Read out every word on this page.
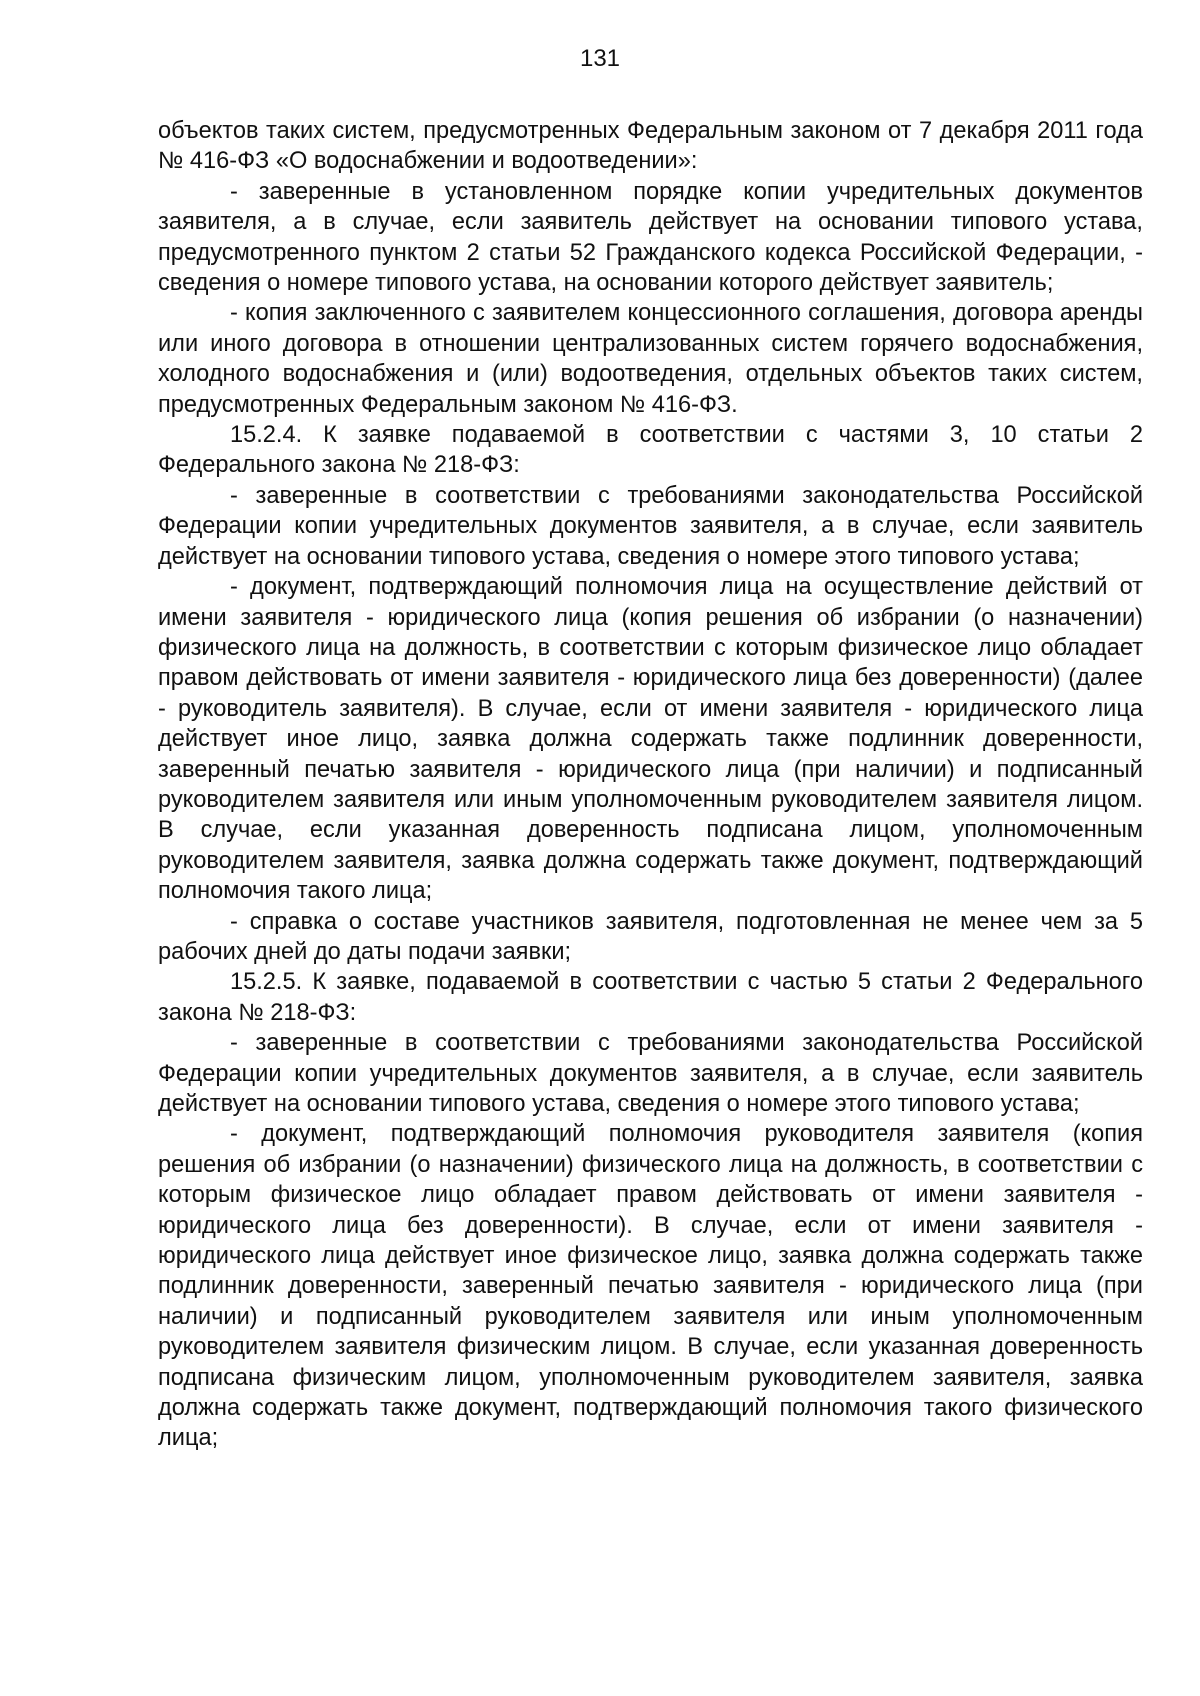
131

объектов таких систем, предусмотренных Федеральным законом от 7 декабря 2011 года № 416-ФЗ «О водоснабжении и водоотведении»:

- заверенные в установленном порядке копии учредительных документов заявителя, а в случае, если заявитель действует на основании типового устава, предусмотренного пунктом 2 статьи 52 Гражданского кодекса Российской Федерации, - сведения о номере типового устава, на основании которого действует заявитель;

- копия заключенного с заявителем концессионного соглашения, договора аренды или иного договора в отношении централизованных систем горячего водоснабжения, холодного водоснабжения и (или) водоотведения, отдельных объектов таких систем, предусмотренных Федеральным законом № 416-ФЗ.

15.2.4. К заявке подаваемой в соответствии с частями 3, 10 статьи 2 Федерального закона № 218-ФЗ:

- заверенные в соответствии с требованиями законодательства Российской Федерации копии учредительных документов заявителя, а в случае, если заявитель действует на основании типового устава, сведения о номере этого типового устава;

- документ, подтверждающий полномочия лица на осуществление действий от имени заявителя - юридического лица (копия решения об избрании (о назначении) физического лица на должность, в соответствии с которым физическое лицо обладает правом действовать от имени заявителя - юридического лица без доверенности) (далее - руководитель заявителя). В случае, если от имени заявителя - юридического лица действует иное лицо, заявка должна содержать также подлинник доверенности, заверенный печатью заявителя - юридического лица (при наличии) и подписанный руководителем заявителя или иным уполномоченным руководителем заявителя лицом. В случае, если указанная доверенность подписана лицом, уполномоченным руководителем заявителя, заявка должна содержать также документ, подтверждающий полномочия такого лица;

- справка о составе участников заявителя, подготовленная не менее чем за 5 рабочих дней до даты подачи заявки;

15.2.5. К заявке, подаваемой в соответствии с частью 5 статьи 2 Федерального закона № 218-ФЗ:

- заверенные в соответствии с требованиями законодательства Российской Федерации копии учредительных документов заявителя, а в случае, если заявитель действует на основании типового устава, сведения о номере этого типового устава;

- документ, подтверждающий полномочия руководителя заявителя (копия решения об избрании (о назначении) физического лица на должность, в соответствии с которым физическое лицо обладает правом действовать от имени заявителя - юридического лица без доверенности). В случае, если от имени заявителя - юридического лица действует иное физическое лицо, заявка должна содержать также подлинник доверенности, заверенный печатью заявителя - юридического лица (при наличии) и подписанный руководителем заявителя или иным уполномоченным руководителем заявителя физическим лицом. В случае, если указанная доверенность подписана физическим лицом, уполномоченным руководителем заявителя, заявка должна содержать также документ, подтверждающий полномочия такого физического лица;
